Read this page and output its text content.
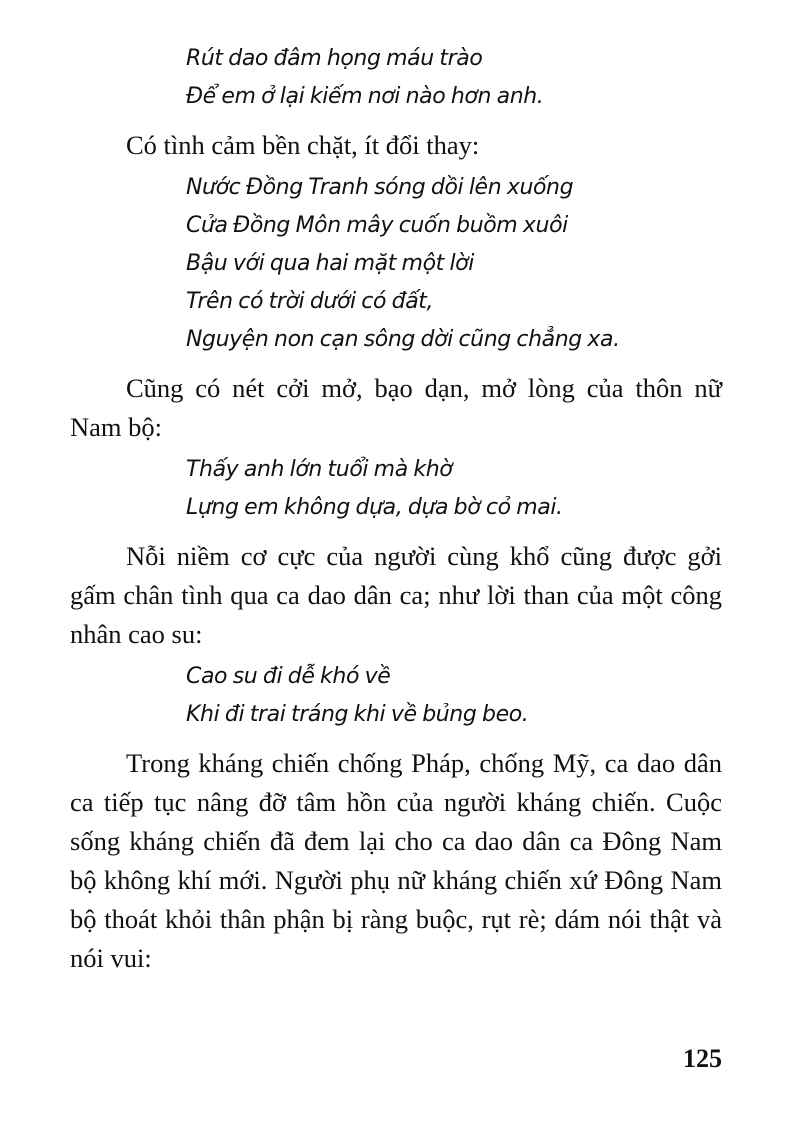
Rút dao đâm họng máu trào
Để em ở lại kiếm nơi nào hơn anh.

Có tình cảm bền chặt, ít đổi thay:

Nước Đồng Tranh sóng dồi lên xuống
Cửa Đồng Môn mây cuốn buồm xuôi
Bậu với qua hai mặt một lời
Trên có trời dưới có đất,
Nguyện non cạn sông dời cũng chẳng xa.

Cũng có nét cởi mở, bạo dạn, mở lòng của thôn nữ Nam bộ:

Thấy anh lớn tuổi mà khờ
Lựng em không dựa, dựa bờ cỏ mai.

Nỗi niềm cơ cực của người cùng khổ cũng được gởi gấm chân tình qua ca dao dân ca; như lời than của một công nhân cao su:

Cao su đi dễ khó về
Khi đi trai tráng khi về bủng beo.

Trong kháng chiến chống Pháp, chống Mỹ, ca dao dân ca tiếp tục nâng đỡ tâm hồn của người kháng chiến. Cuộc sống kháng chiến đã đem lại cho ca dao dân ca Đông Nam bộ không khí mới. Người phụ nữ kháng chiến xứ Đông Nam bộ thoát khỏi thân phận bị ràng buộc, rụt rè; dám nói thật và nói vui:

125
